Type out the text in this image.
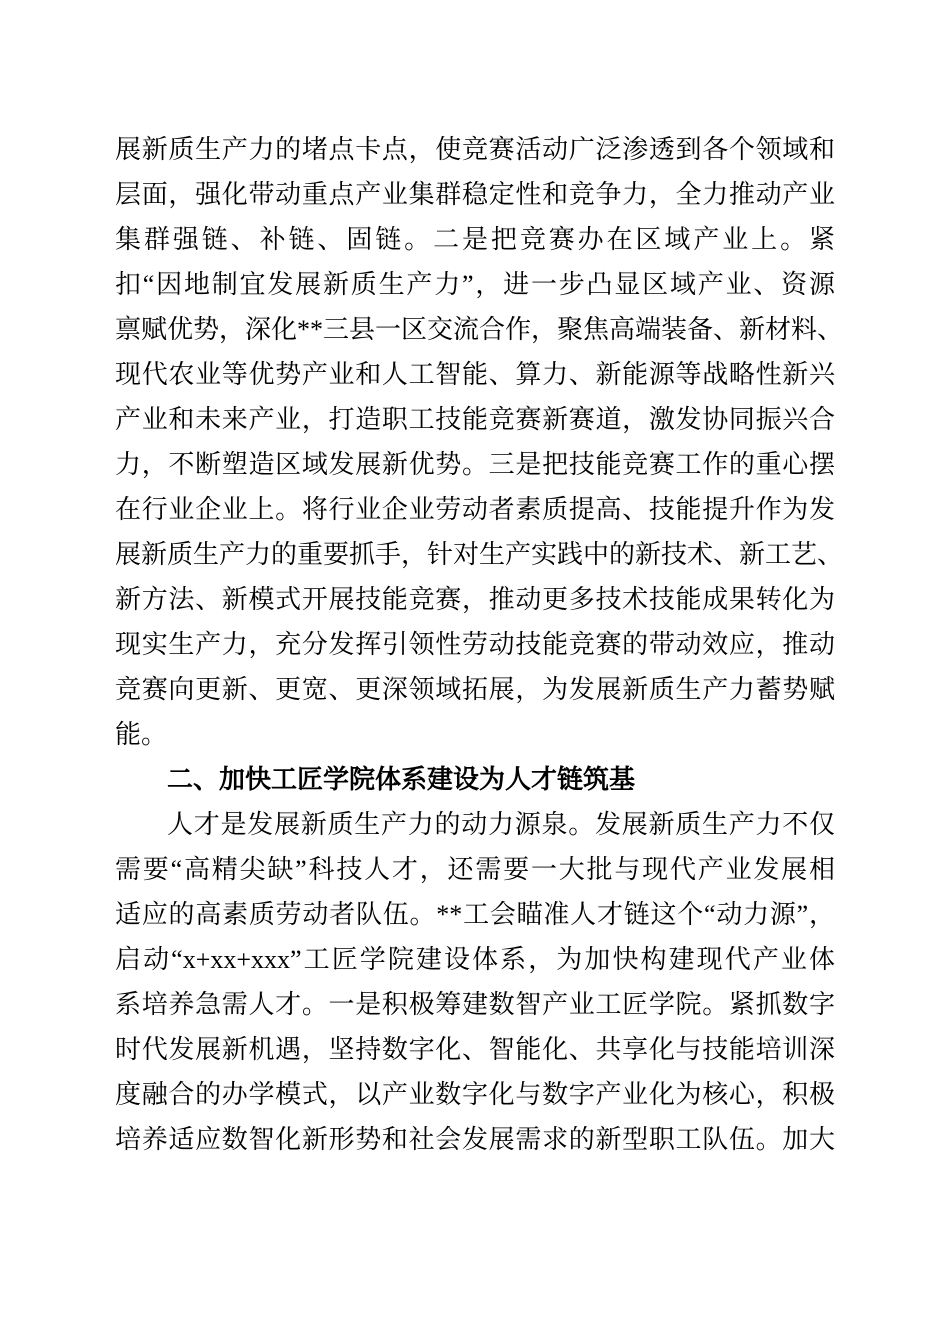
展新质生产力的堵点卡点，使竞赛活动广泛渗透到各个领域和
层面，强化带动重点产业集群稳定性和竞争力，全力推动产业
集群强链、补链、固链。二是把竞赛办在区域产业上。紧
扣“因地制宜发展新质生产力”，进一步凸显区域产业、资源
禀赋优势，深化**三县一区交流合作，聚焦高端装备、新材料、
现代农业等优势产业和人工智能、算力、新能源等战略性新兴
产业和未来产业，打造职工技能竞赛新赛道，激发协同振兴合
力，不断塑造区域发展新优势。三是把技能竞赛工作的重心摆
在行业企业上。将行业企业劳动者素质提高、技能提升作为发
展新质生产力的重要抓手，针对生产实践中的新技术、新工艺、
新方法、新模式开展技能竞赛，推动更多技术技能成果转化为
现实生产力，充分发挥引领性劳动技能竞赛的带动效应，推动
竞赛向更新、更宽、更深领域拓展，为发展新质生产力蓄势赋
能。
二、加快工匠学院体系建设为人才链筑基
人才是发展新质生产力的动力源泉。发展新质生产力不仅
需要“高精尖缺”科技人才，还需要一大批与现代产业发展相
适应的高素质劳动者队伍。**工会瞄准人才链这个“动力源”，
启动“x+xx+xxx”工匠学院建设体系，为加快构建现代产业体
系培养急需人才。一是积极筹建数智产业工匠学院。紧抓数字
时代发展新机遇，坚持数字化、智能化、共享化与技能培训深
度融合的办学模式，以产业数字化与数字产业化为核心，积极
培养适应数智化新形势和社会发展需求的新型职工队伍。加大
